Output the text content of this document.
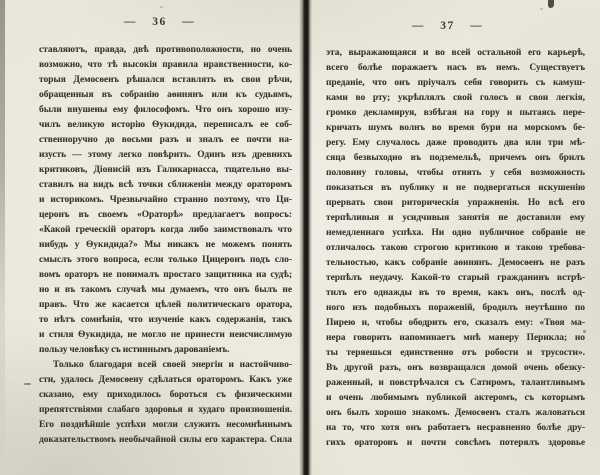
— 36 —
ставляютъ, правда, двѣ противоположности, но очень
возможно, что тѣ высокія правила нравственности, ко-
торыя Демосѳенъ рѣшался вставлять въ свои рѣчи,
обращенныя въ собранію аѳинянъ или къ судьямъ,
были внушены ему философомъ. Что онъ хорошо изу-
чилъ великую исторію Ѳукидида, переписалъ ее соб-
ственноручно до восьми разъ и зналъ ее почти на-
изусть — этому легко повѣрить. Одинъ изъ древнихъ
критиковъ, Діонисій изъ Галикарнасса, тщательно вы-
ставилъ на видъ всѣ точки сближенія между ораторомъ
и историкомъ. Чрезвычайно странно поэтому, что Ци-
церонъ въ своемъ «Ораторѣ» предлагаетъ вопросъ:
«Какой греческій ораторъ когда либо заимствовалъ что
нибудь у Ѳукидида?» Мы никакъ не можемъ понять
смыслъ этого вопроса, если только Цицеронъ подъ сло-
вомъ ораторъ не понималъ простаго защитника на судѣ;
но и въ такомъ случаѣ мы думаемъ, что онъ былъ не
правъ. Что же касается цѣлей политическаго оратора,
то нѣтъ сомнѣнія, что изученіе какъ содержанія, такъ
и стиля Ѳукидида, не могло не принести неисчислимую
пользу человѣку съ истиннымъ дарованіемъ.
Только благодаря всей своей энергіи и настойчиво-
сти, удалось Демосѳену сдѣлаться ораторомъ. Какъ уже
сказано, ему приходилось бороться съ физическими
препятствіями слабаго здоровья и худаго произношенія.
Его позднѣйшіе успѣхи могли служить несомнѣннымъ
доказательствомъ необычайной силы его характера. Сила
— 37 —
эта, выражающаяся и во всей остальной его карьерѣ,
всего болѣе поражаетъ насъ въ немъ. Существуетъ
преданіе, что онъ пріучалъ себя говорить съ камуш-
ками во рту; укрѣплялъ свой голосъ и свои легкія,
громко декламируя, взбѣгая на гору и пытаясь пере-
кричать шумъ волнъ во время бури на морскомъ бе-
регу. Ему случалось даже проводить два или три мѣ-
сяца безвыходно въ подземельѣ, причемъ онъ брилъ
половину головы, чтобы отнять у себя возможность
показаться въ публику и не подвергаться искушенію
прервать свои риторическія упражненія. Но всѣ его
терпѣливыя и усидчивыя занятія не доставили ему
немедленнаго успѣха. Ни одно публичное собраніе не
отличалось такою строгою критикою и такою требова-
тельностью, какъ собраніе аѳинянъ. Демосѳенъ не разъ
терпѣлъ неудачу. Какой-то старый гражданинъ встрѣ-
тилъ его однажды въ то время, какъ онъ, послѣ од-
ного изъ подобныхъ пораженій, бродилъ неутѣшно по
Пирею и, чтобы ободрить его, сказалъ ему: «Твоя ма-
нера говорить напоминаетъ мнѣ манеру Перикла; но
ты теряешься единственно отъ робости и трусости».
Въ другой разъ, онъ возвращался домой очень обезку-
раженный, и повстрѣчался съ Сатиромъ, талантливымъ
и очень любимымъ публикой актеромъ, съ которымъ
онъ былъ хорошо знакомъ. Демосѳенъ сталъ жаловаться
на то, что хотя онъ работаетъ несравненно болѣе дру-
гихъ ораторовъ и почти совсѣмъ потерялъ здоровье
